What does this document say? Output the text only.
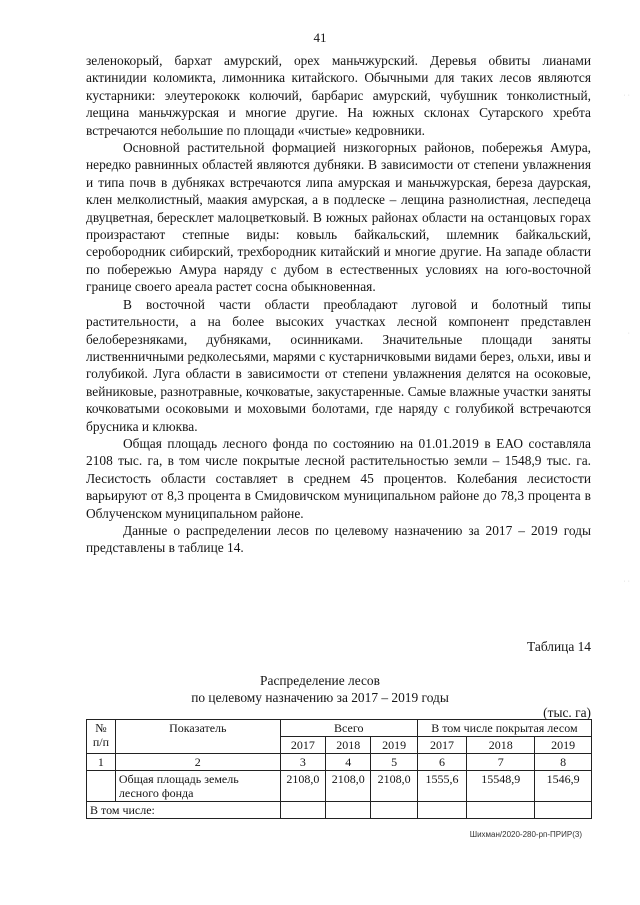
41

зеленокорый, бархат амурский, орех маньчжурский. Деревья обвиты лианами актинидии коломикта, лимонника китайского. Обычными для таких лесов являются кустарники: элеутерококк колючий, барбарис амурский, чубушник тонколистный, лещина маньчжурская и многие другие. На южных склонах Сутарского хребта встречаются небольшие по площади «чистые» кедровники.

Основной растительной формацией низкогорных районов, побережья Амура, нередко равнинных областей являются дубняки. В зависимости от степени увлажнения и типа почв в дубняках встречаются липа амурская и маньчжурская, береза даурская, клен мелколистный, маакия амурская, а в подлеске – лещина разнолистная, леспедеца двуцветная, бересклет малоцветковый. В южных районах области на останцовых горах произрастают степные виды: ковыль байкальский, шлемник байкальский, серобородник сибирский, трехбородник китайский и многие другие. На западе области по побережью Амура наряду с дубом в естественных условиях на юго-восточной границе своего ареала растет сосна обыкновенная.

В восточной части области преобладают луговой и болотный типы растительности, а на более высоких участках лесной компонент представлен белоберезняками, дубняками, осинниками. Значительные площади заняты лиственничными редколесьями, марями с кустарничковыми видами берез, ольхи, ивы и голубикой. Луга области в зависимости от степени увлажнения делятся на осоковые, вейниковые, разнотравные, кочковатые, закустаренные. Самые влажные участки заняты кочковатыми осоковыми и моховыми болотами, где наряду с голубикой встречаются брусника и клюква.

Общая площадь лесного фонда по состоянию на 01.01.2019 в ЕАО составляла 2108 тыс. га, в том числе покрытые лесной растительностью земли – 1548,9 тыс. га. Лесистость области составляет в среднем 45 процентов. Колебания лесистости варьируют от 8,3 процента в Смидовичском муниципальном районе до 78,3 процента в Облученском муниципальном районе.

Данные о распределении лесов по целевому назначению за 2017 – 2019 годы представлены в таблице 14.

Таблица 14
Распределение лесов
по целевому назначению за 2017 – 2019 годы
(тыс. га)
№ п/п	Показатель	Всего			В том числе покрытая лесом		
		2017	2018	2019	2017	2018	2019
1	2	3	4	5	6	7	8
	Общая площадь земель лесного фонда	2108,0	2108,0	2108,0	1555,6	15548,9	1546,9
В том числе:							
Шихман/2020-280-рп-ПРИР(3)
· ·
·
· ·
